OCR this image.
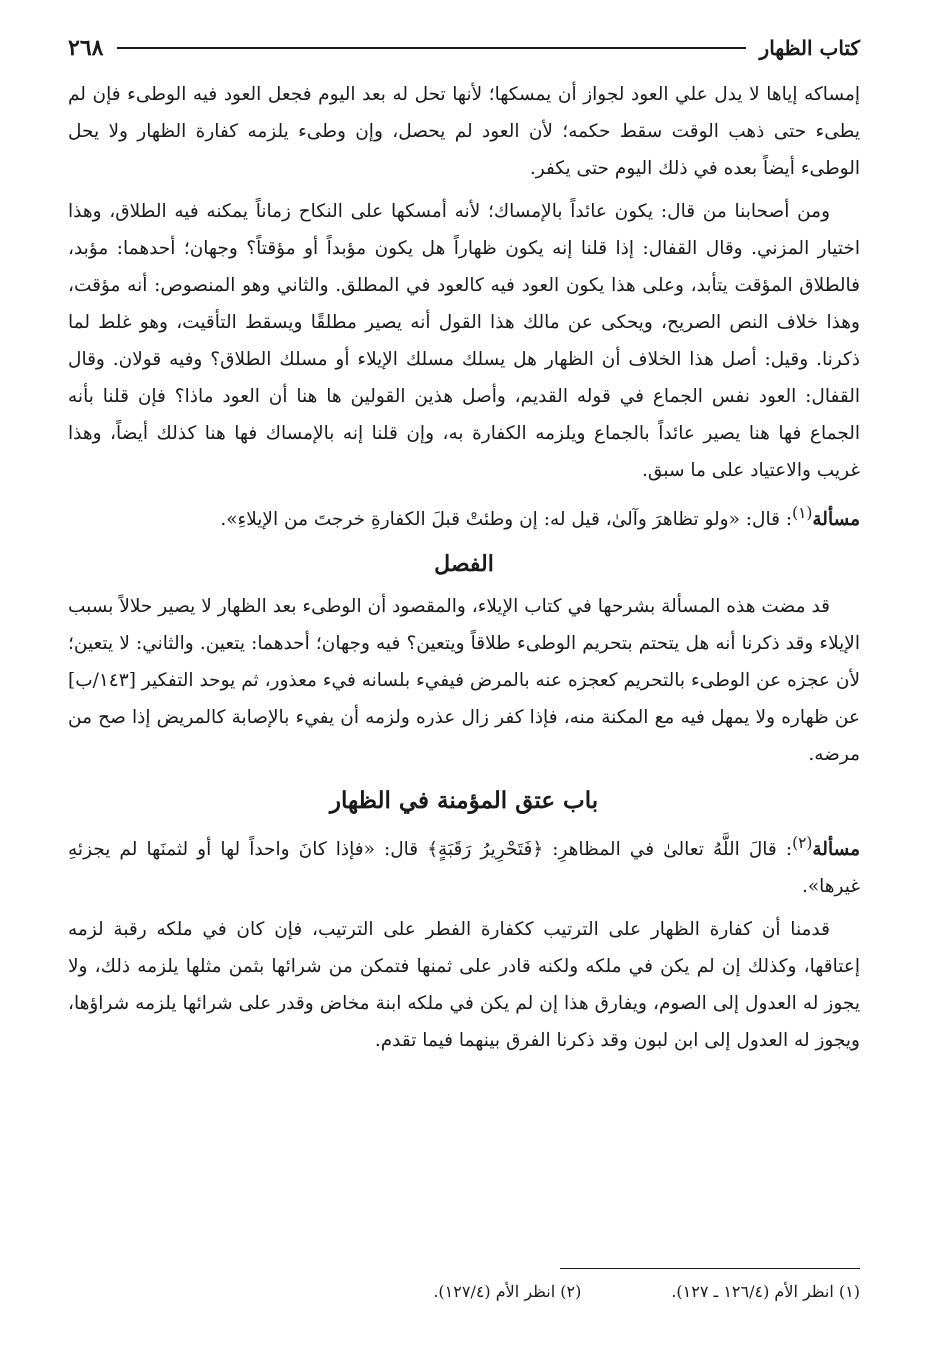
٢٦٨	كتاب الظهار

إمساكه إياها لا يدل علي العود لجواز أن يمسكها؛ لأنها تحل له بعد اليوم فجعل العود فيه الوطىء فإن لم يطىء حتى ذهب الوقت سقط حكمه؛ لأن العود لم يحصل، وإن وطىء يلزمه كفارة الظهار ولا يحل الوطىء أيضاً بعده في ذلك اليوم حتى يكفر.

ومن أصحابنا من قال: يكون عائداً بالإمساك؛ لأنه أمسكها على النكاح زماناً يمكنه فيه الطلاق، وهذا اختيار المزني. وقال القفال: إذا قلنا إنه يكون ظهاراً هل يكون مؤبداً أو مؤقتاً؟ وجهان؛ أحدهما: مؤبد، فالطلاق المؤقت يتأبد، وعلى هذا يكون العود فيه كالعود في المطلق. والثاني وهو المنصوص: أنه مؤقت، وهذا خلاف النص الصريح، ويحكى عن مالك هذا القول أنه يصير مطلقًا ويسقط التأقيت، وهو غلط لما ذكرنا. وقيل: أصل هذا الخلاف أن الظهار هل يسلك مسلك الإيلاء أو مسلك الطلاق؟ وفيه قولان. وقال القفال: العود نفس الجماع في قوله القديم، وأصل هذين القولين ها هنا أن العود ماذا؟ فإن قلنا بأنه الجماع فها هنا يصير عائداً بالجماع ويلزمه الكفارة به، وإن قلنا إنه بالإمساك فها هنا كذلك أيضاً، وهذا غريب والاعتياد على ما سبق.

مسألة$^{(١)}$: قال: «ولو تظاهرَ وآلىٰ، قيل له: إن وطئتْ قبلَ الكفارةِ خرجتَ من الإيلاءِ».

الفصل

قد مضت هذه المسألة بشرحها في كتاب الإيلاء، والمقصود أن الوطىء بعد الظهار لا يصير حلالاً بسبب الإيلاء وقد ذكرنا أنه هل يتحتم بتحريم الوطىء طلاقاً ويتعين؟ فيه وجهان؛ أحدهما: يتعين. والثاني: لا يتعين؛ لأن عجزه عن الوطىء بالتحريم كعجزه عنه بالمرض فيفيء بلسانه فيء معذور، ثم يوحد التفكير [١٤٣/ب] عن ظهاره ولا يمهل فيه مع المكنة منه، فإذا كفر زال عذره ولزمه أن يفيء بالإصابة كالمريض إذا صح من مرضه.

باب عتق المؤمنة في الظهار

مسألة$^{(٢)}$: قالَ اللَّهُ تعالىٰ في المظاهرِ: ﴿فَتَحْرِيرُ رَقَبَةٍ﴾ قال: «فإذا كانَ واحداً لها أو لثمنَها لم يجزئهِ غيرها».

قدمنا أن كفارة الظهار على الترتيب ككفارة الفطر على الترتيب، فإن كان في ملكه رقبة لزمه إعتاقها، وكذلك إن لم يكن في ملكه ولكنه قادر على ثمنها فتمكن من شرائها بثمن مثلها يلزمه ذلك، ولا يجوز له العدول إلى الصوم، ويفارق هذا إن لم يكن في ملكه ابنة مخاض وقدر على شرائها يلزمه شراؤها، ويجوز له العدول إلى ابن لبون وقد ذكرنا الفرق بينهما فيما تقدم.

(١) انظر الأم (١٢٦/٤ ـ ١٢٧).
(٢) انظر الأم (١٢٧/٤).
